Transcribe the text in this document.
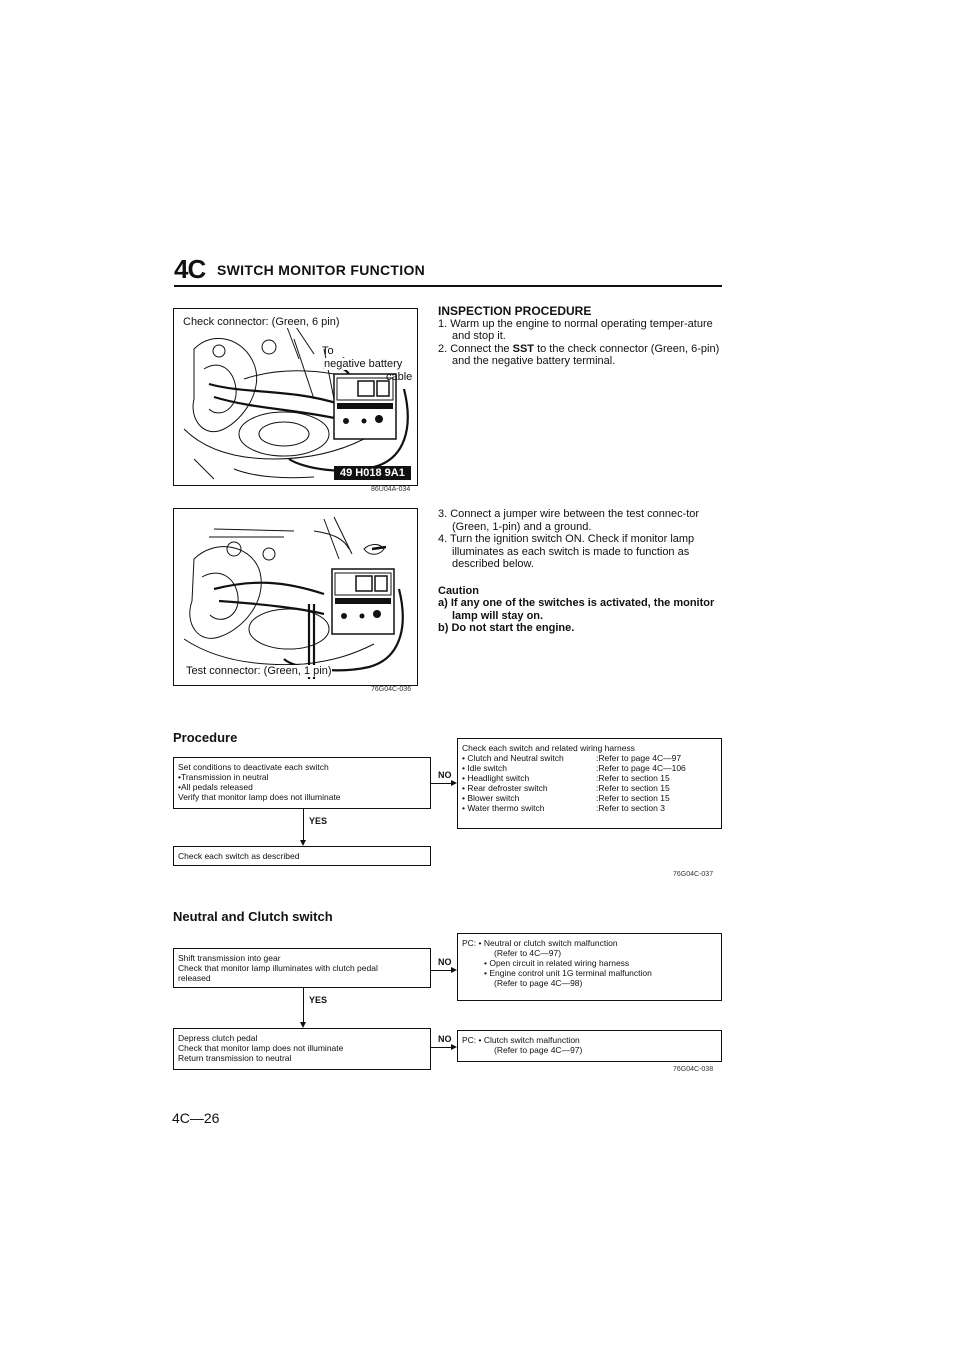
4C SWITCH MONITOR FUNCTION
Check connector: (Green, 6 pin)
To
negative battery
cable
49 H018 9A1
86U04A-034
Test connector: (Green, 1 pin)
76G04C-036
INSPECTION PROCEDURE

1. Warm up the engine to normal operating temper-ature and stop it.

2. Connect the SST to the check connector (Green, 6-pin) and the negative battery terminal.

3. Connect a jumper wire between the test connec-tor (Green, 1-pin) and a ground.

4. Turn the ignition switch ON. Check if monitor lamp illuminates as each switch is made to function as described below.

Caution

a) If any one of the switches is activated, the monitor lamp will stay on.

b) Do not start the engine.

Procedure
Set conditions to deactivate each switch
•Transmission in neutral
•All pedals released
Verify that monitor lamp does not illuminate
NO
Check each switch and related wiring harness
• Clutch and Neutral switch	:Refer to page 4C—97
• Idle switch	:Refer to page 4C—106
• Headlight switch	:Refer to section 15
• Rear defroster switch	:Refer to section 15
• Blower switch	:Refer to section 15
• Water thermo switch	:Refer to section 3
YES
Check each switch as described
76G04C-037
Neutral and Clutch switch
Shift transmission into gear
Check that monitor lamp illuminates with clutch pedal
released
NO
PC: • Neutral or clutch switch malfunction
(Refer to 4C—97)
• Open circuit in related wiring harness
• Engine control unit 1G terminal malfunction
(Refer to page 4C—98)
YES
Depress clutch pedal
Check that monitor lamp does not illuminate
Return transmission to neutral
NO PC: • Clutch switch malfunction
(Refer to page 4C—97)
76G04C-038
4C—26
